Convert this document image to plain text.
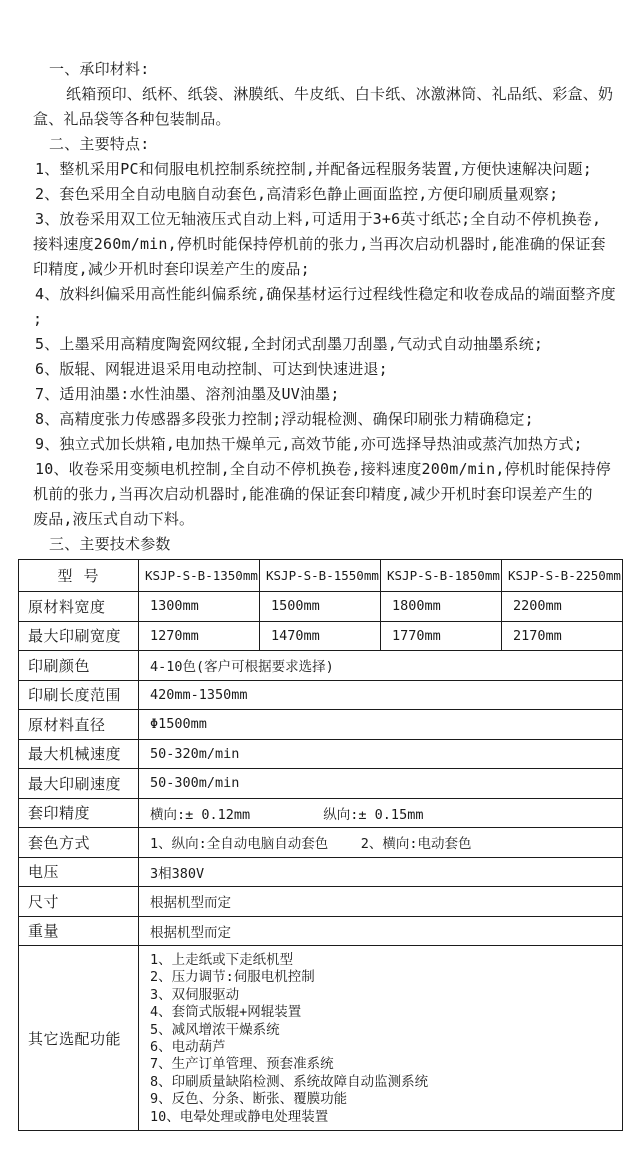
一、承印材料:
纸箱预印、纸杯、纸袋、淋膜纸、牛皮纸、白卡纸、冰激淋筒、礼品纸、彩盒、奶
盒、礼品袋等各种包装制品。
二、主要特点:
1、整机采用PC和伺服电机控制系统控制,并配备远程服务装置,方便快速解决问题;
2、套色采用全自动电脑自动套色,高清彩色静止画面监控,方便印刷质量观察;
3、放卷采用双工位无轴液压式自动上料,可适用于3+6英寸纸芯;全自动不停机换卷,
接料速度260m/min,停机时能保持停机前的张力,当再次启动机器时,能准确的保证套
印精度,减少开机时套印误差产生的废品;
4、放料纠偏采用高性能纠偏系统,确保基材运行过程线性稳定和收卷成品的端面整齐度
;
5、上墨采用高精度陶瓷网纹辊,全封闭式刮墨刀刮墨,气动式自动抽墨系统;
6、版辊、网辊进退采用电动控制、可达到快速进退;
7、适用油墨:水性油墨、溶剂油墨及UV油墨;
8、高精度张力传感器多段张力控制;浮动辊检测、确保印刷张力精确稳定;
9、独立式加长烘箱,电加热干燥单元,高效节能,亦可选择导热油或蒸汽加热方式;
10、收卷采用变频电机控制,全自动不停机换卷,接料速度200m/min,停机时能保持停
机前的张力,当再次启动机器时,能准确的保证套印精度,减少开机时套印误差产生的
废品,液压式自动下料。
三、主要技术参数
型 号	KSJP-S-B-1350mm	KSJP-S-B-1550mm	KSJP-S-B-1850mm	KSJP-S-B-2250mm
原材料宽度	1300mm	1500mm	1800mm	2200mm
最大印刷宽度	1270mm	1470mm	1770mm	2170mm
印刷颜色	4-10色(客户可根据要求选择)			
印刷长度范围	420mm-1350mm			
原材料直径	Φ1500mm			
最大机械速度	50-320m/min			
最大印刷速度	50-300m/min			
套印精度	横向:± 0.12mm         纵向:± 0.15mm			
套色方式	1、纵向:全自动电脑自动套色    2、横向:电动套色			
电压	3相380V			
尺寸	根据机型而定			
重量	根据机型而定			
其它选配功能	
1、上走纸或下走纸机型
2、压力调节:伺服电机控制
3、双伺服驱动
4、套筒式版辊+网辊装置
5、减风增浓干燥系统
6、电动葫芦
7、生产订单管理、预套准系统
8、印刷质量缺陷检测、系统故障自动监测系统
9、反色、分条、断张、覆膜功能
10、电晕处理或静电处理装置
